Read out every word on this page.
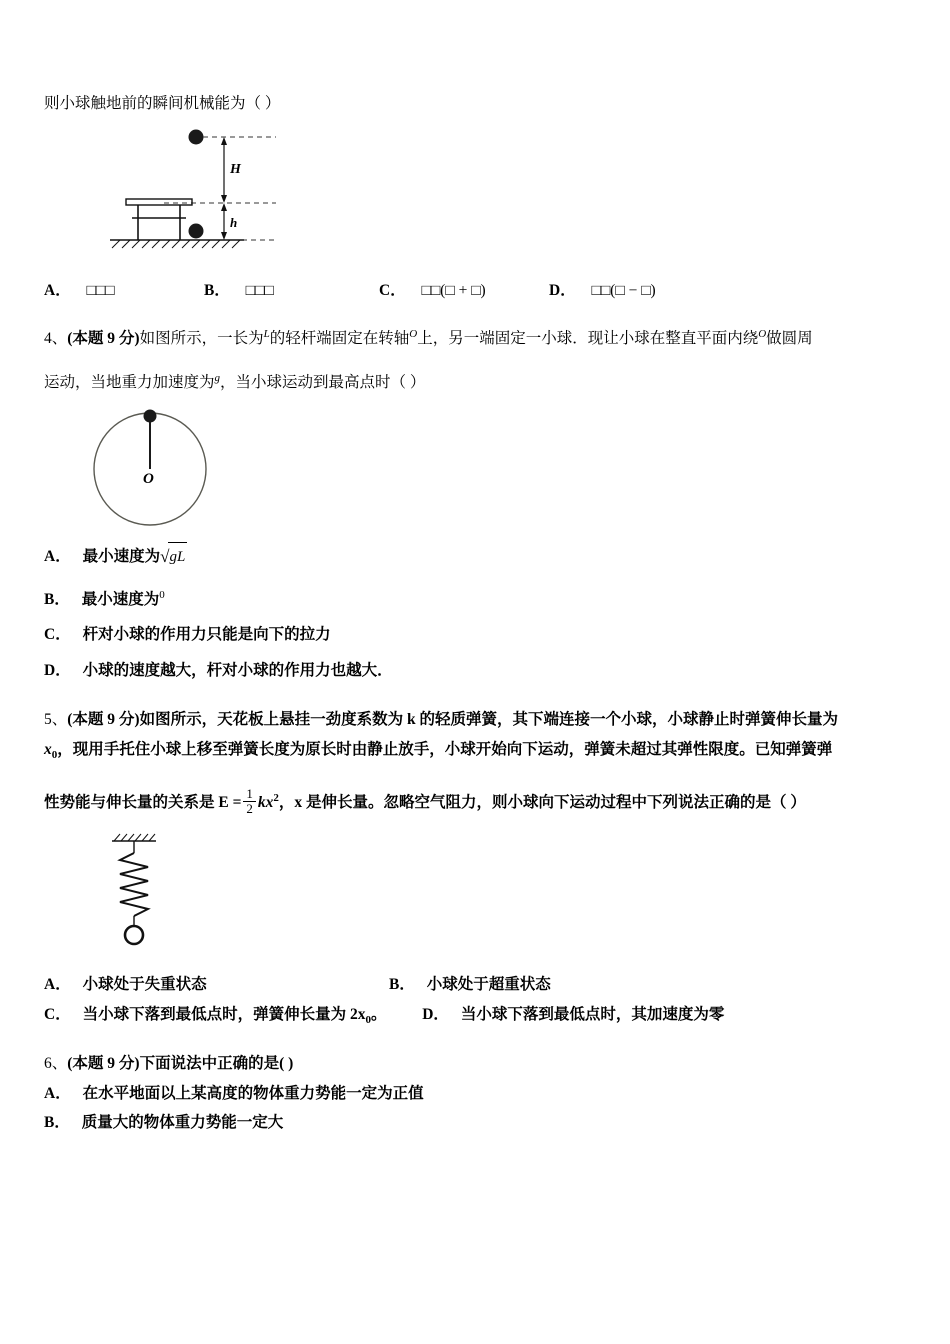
则小球触地前的瞬间机械能为（ ）
H
h
A． □□□	B． □□□	C． □□(□ + □)	D． □□(□ − □)
4、(本题 9 分)如图所示，一长为$^L$的轻杆端固定在转轴$^O$上，另一端固定一小球．现让小球在整直平面内绕$^O$做圆周
运动，当地重力加速度为$^g$，当小球运动到最高点时（ ）
O
A． 最小速度为√gL
B． 最小速度为$^0$
C． 杆对小球的作用力只能是向下的拉力
D． 小球的速度越大，杆对小球的作用力也越大．
5、(本题 9 分)如图所示，天花板上悬挂一劲度系数为 k 的轻质弹簧，其下端连接一个小球，小球静止时弹簧伸长量为
$x_0$，现用手托住小球上移至弹簧长度为原长时由静止放手，小球开始向下运动，弹簧未超过其弹性限度。已知弹簧弹
性势能与伸长量的关系是 $E = \frac{1}{2} kx^2$，x 是伸长量。忽略空气阻力，则小球向下运动过程中下列说法正确的是（ ）
A． 小球处于失重状态	B． 小球处于超重状态
C． 当小球下落到最低点时，弹簧伸长量为 $2x_0$。 D． 当小球下落到最低点时，其加速度为零
6、(本题 9 分)下面说法中正确的是( )
A． 在水平地面以上某高度的物体重力势能一定为正值
B． 质量大的物体重力势能一定大
